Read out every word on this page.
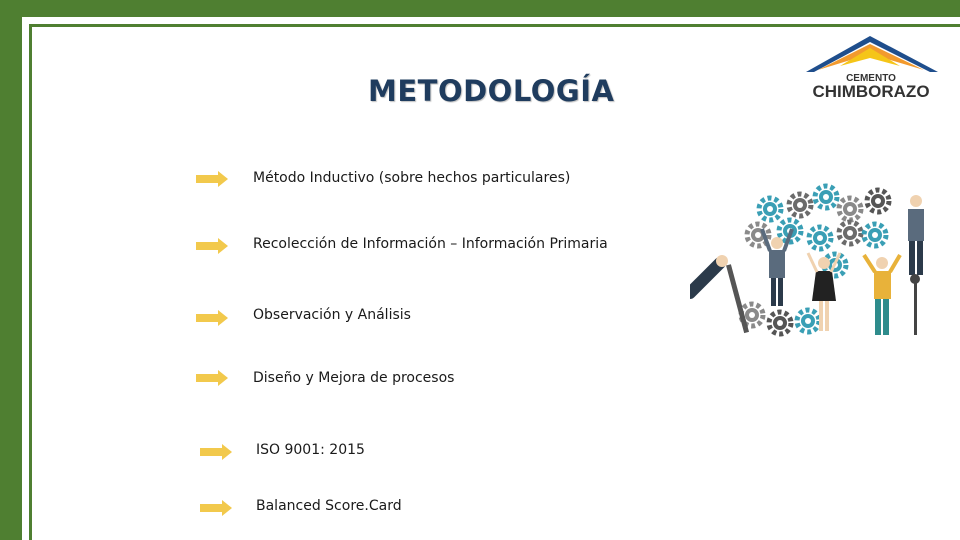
METODOLOGÍA	CEMENTO
CHIMBORAZO
Método Inductivo (sobre hechos particulares)
Recolección de Información – Información Primaria
Observación y Análisis
Diseño y Mejora de procesos
ISO 9001: 2015
Balanced Score.Card
